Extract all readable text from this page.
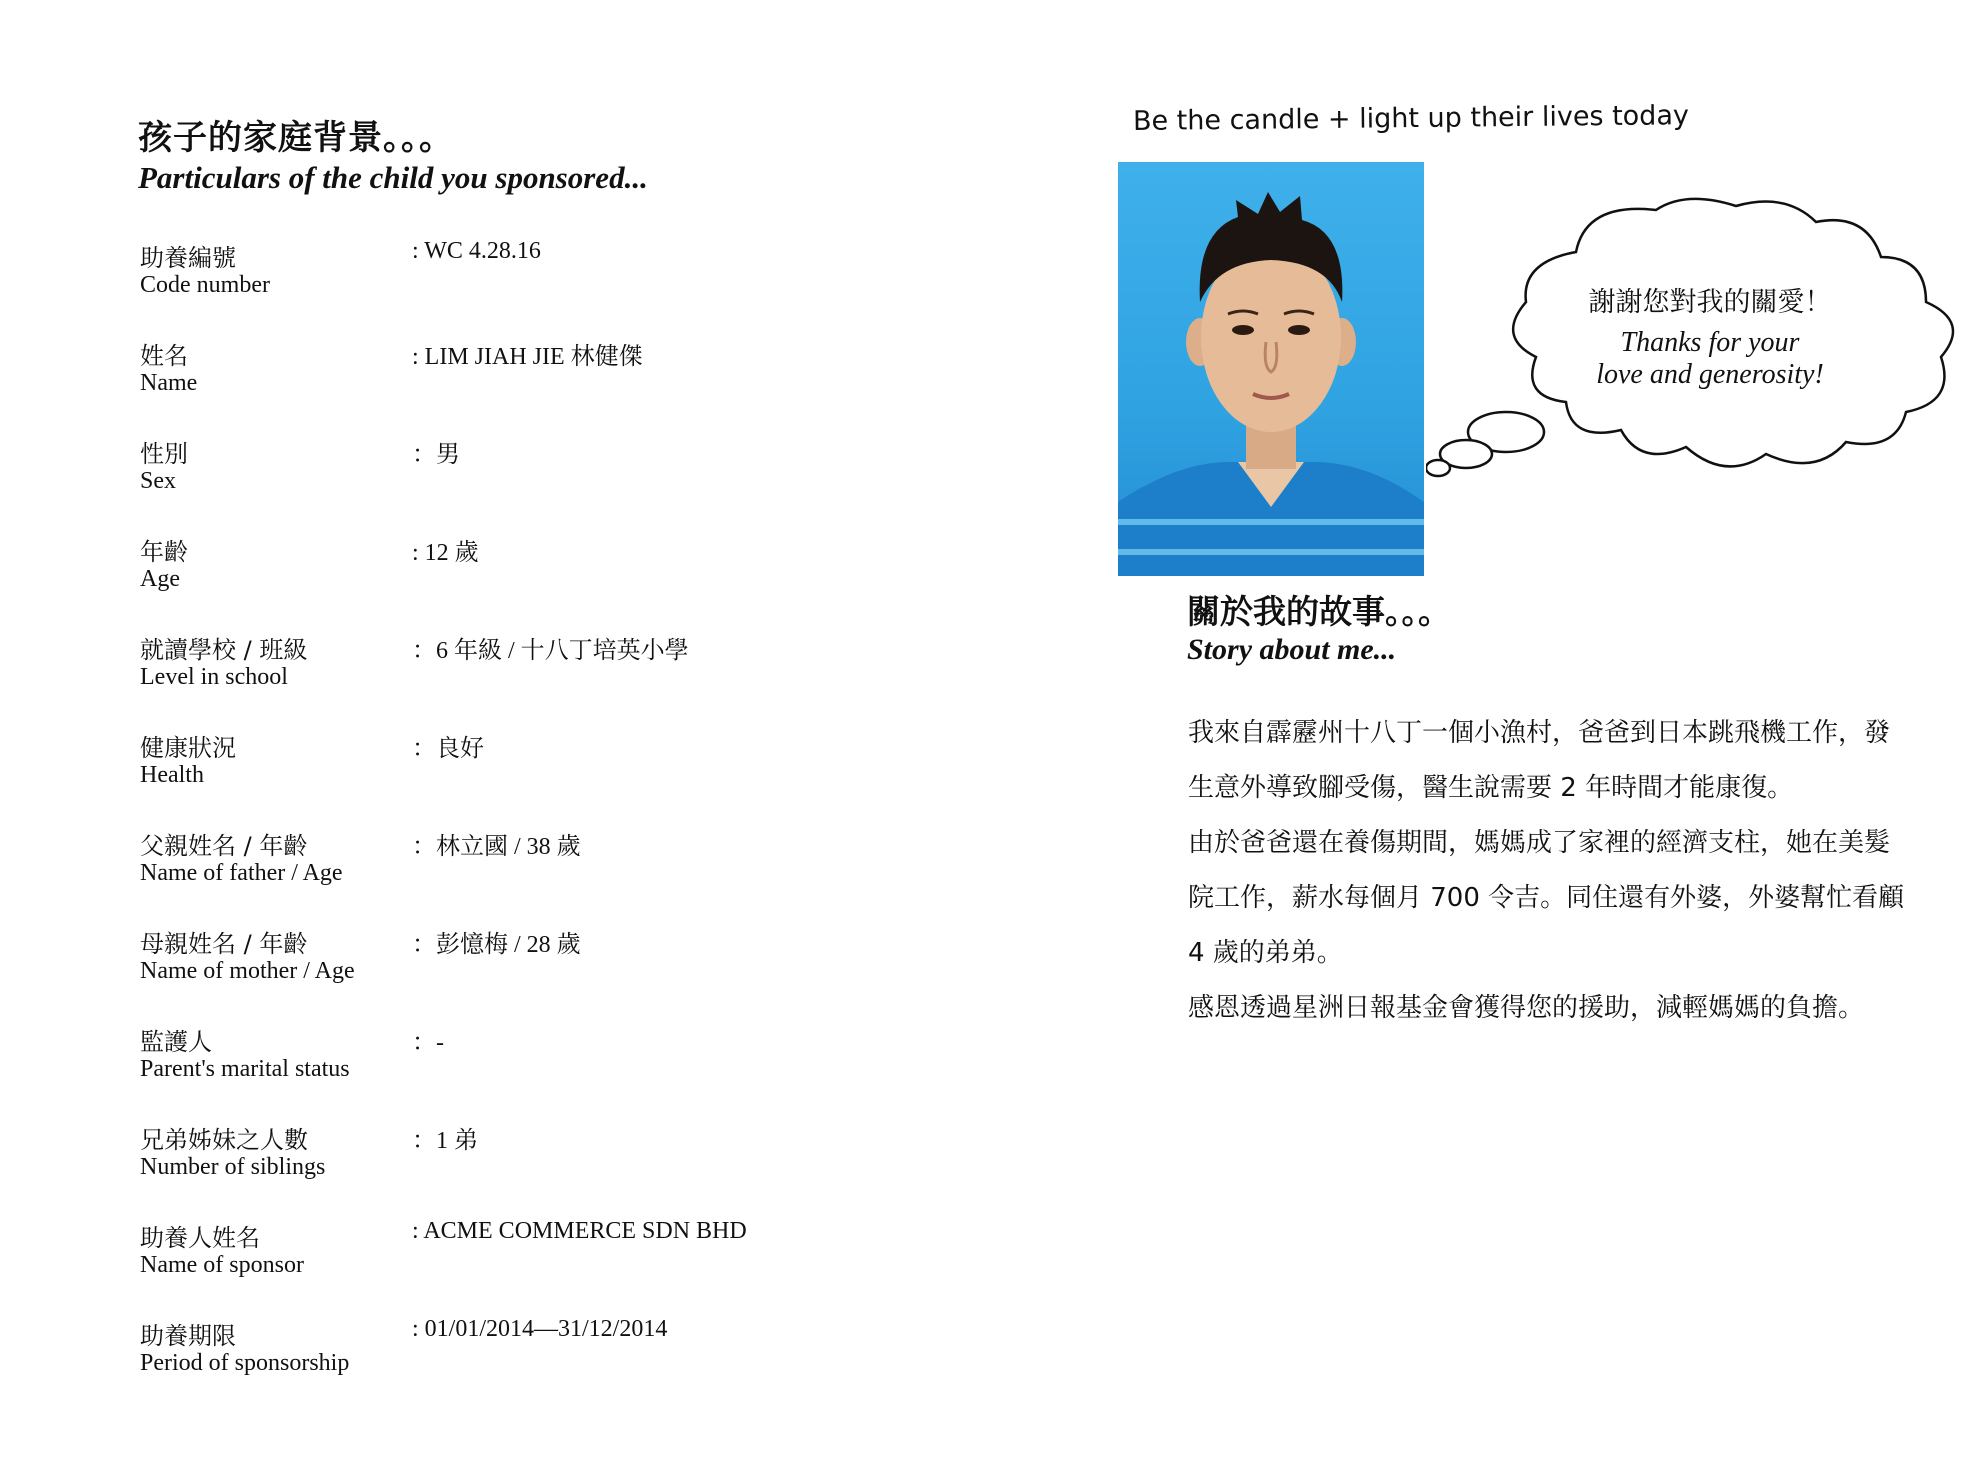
孩子的家庭背景。。。
Particulars of the child you sponsored...
助養編號
Code number
: WC 4.28.16
姓名
Name
: LIM JIAH JIE 林健傑
性別
Sex
：男
年齡
Age
: 12 歲
就讀學校 / 班級
Level in school
：6 年級 / 十八丁培英小學
健康狀況
Health
：良好
父親姓名 / 年齡
Name of father / Age
：林立國 / 38 歲
母親姓名 / 年齡
Name of mother / Age
：彭憶梅 / 28 歲
監護人
Parent's marital status
：-
兄弟姊妹之人數
Number of siblings
：1 弟
助養人姓名
Name of sponsor
: ACME COMMERCE SDN BHD
助養期限
Period of sponsorship
: 01/01/2014—31/12/2014
Be the candle + light up their lives today
謝謝您對我的關愛！
Thanks for your
love and generosity!
關於我的故事。。。
Story about me...

我來自霹靂州十八丁一個小漁村，爸爸到日本跳飛機工作，發生意外導致腳受傷，醫生說需要 2 年時間才能康復。

由於爸爸還在養傷期間，媽媽成了家裡的經濟支柱，她在美髮院工作，薪水每個月 700 令吉。同住還有外婆，外婆幫忙看顧 4 歲的弟弟。

感恩透過星洲日報基金會獲得您的援助，減輕媽媽的負擔。
